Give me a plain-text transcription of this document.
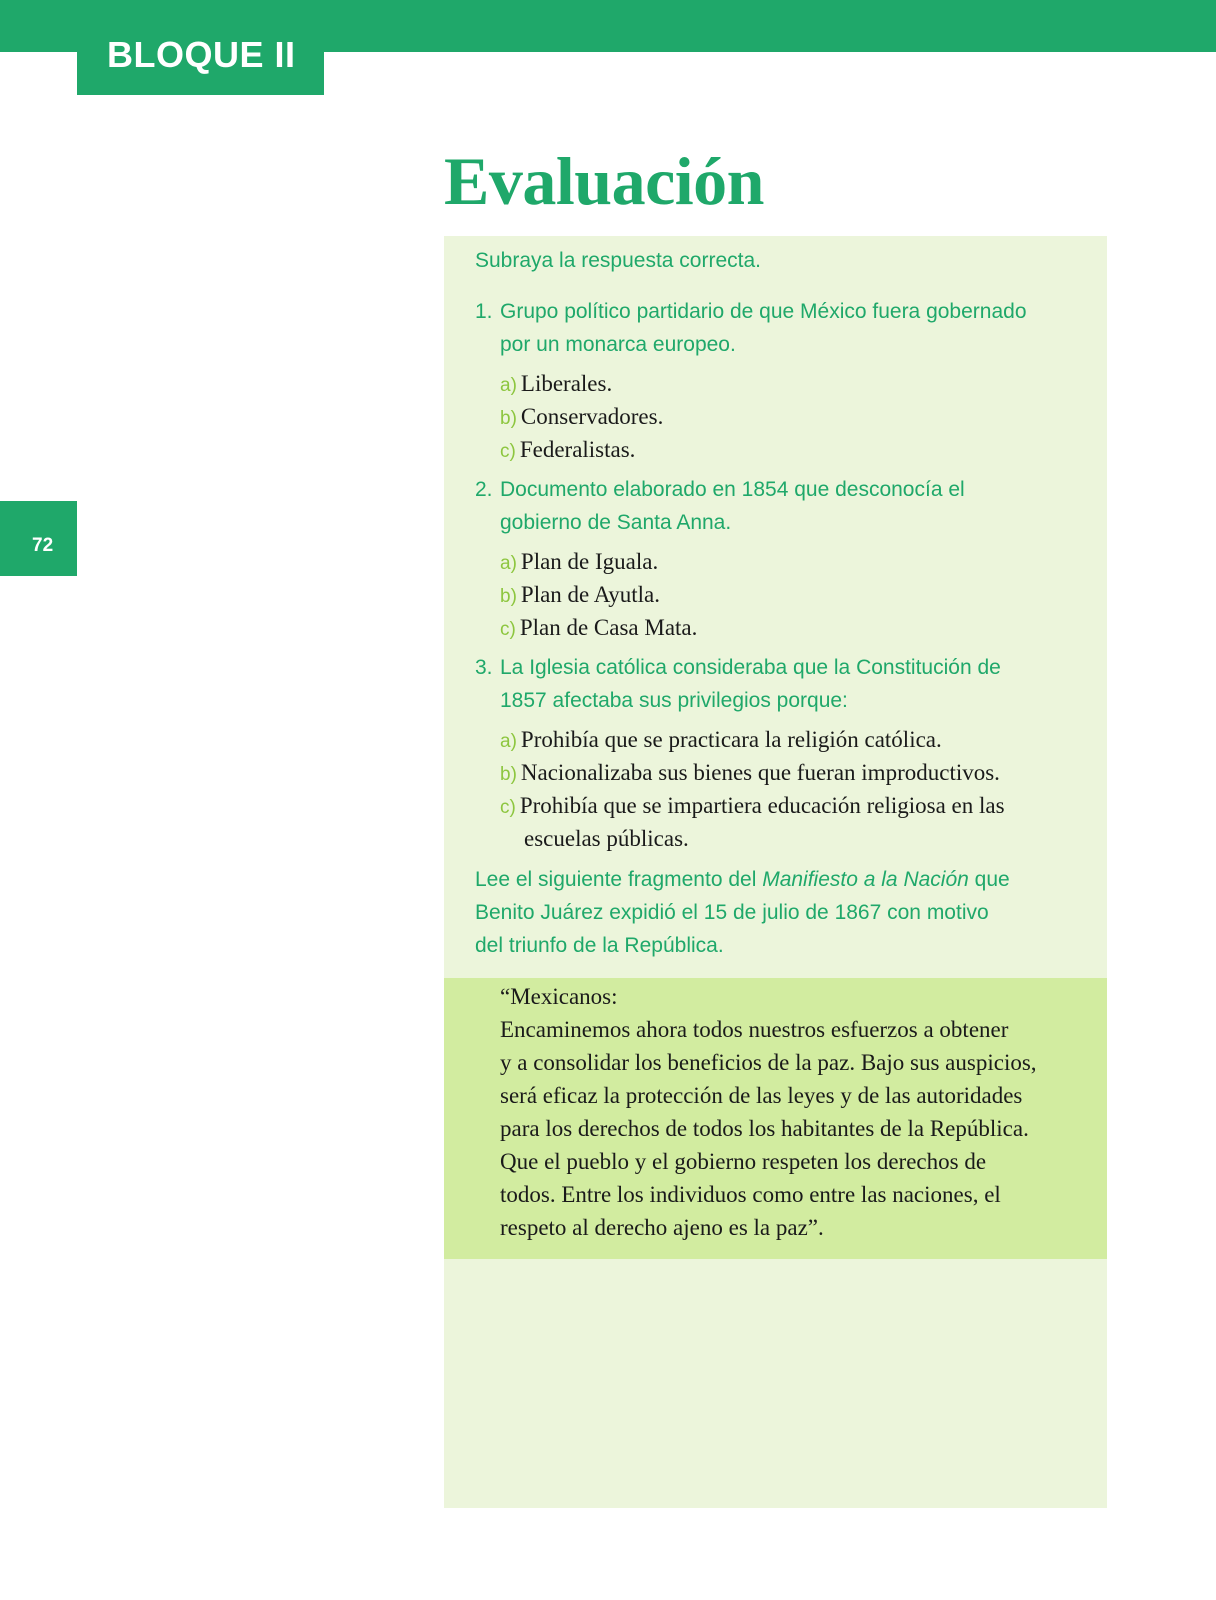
BLOQUE II
72
Evaluación
Subraya la respuesta correcta.
1. Grupo político partidario de que México fuera gobernado
por un monarca europeo.
a) Liberales.
b) Conservadores.
c) Federalistas.
2. Documento elaborado en 1854 que desconocía el
gobierno de Santa Anna.
a) Plan de Iguala.
b) Plan de Ayutla.
c) Plan de Casa Mata.
3. La Iglesia católica consideraba que la Constitución de
1857 afectaba sus privilegios porque:
a) Prohibía que se practicara la religión católica.
b) Nacionalizaba sus bienes que fueran improductivos.
c) Prohibía que se impartiera educación religiosa en las
escuelas públicas.
Lee el siguiente fragmento del Manifiesto a la Nación que
Benito Juárez expidió el 15 de julio de 1867 con motivo
del triunfo de la República.
“Mexicanos:
Encaminemos ahora todos nuestros esfuerzos a obtener
y a consolidar los beneficios de la paz. Bajo sus auspicios,
será eficaz la protección de las leyes y de las autoridades
para los derechos de todos los habitantes de la República.
Que el pueblo y el gobierno respeten los derechos de
todos. Entre los individuos como entre las naciones, el
respeto al derecho ajeno es la paz”.
